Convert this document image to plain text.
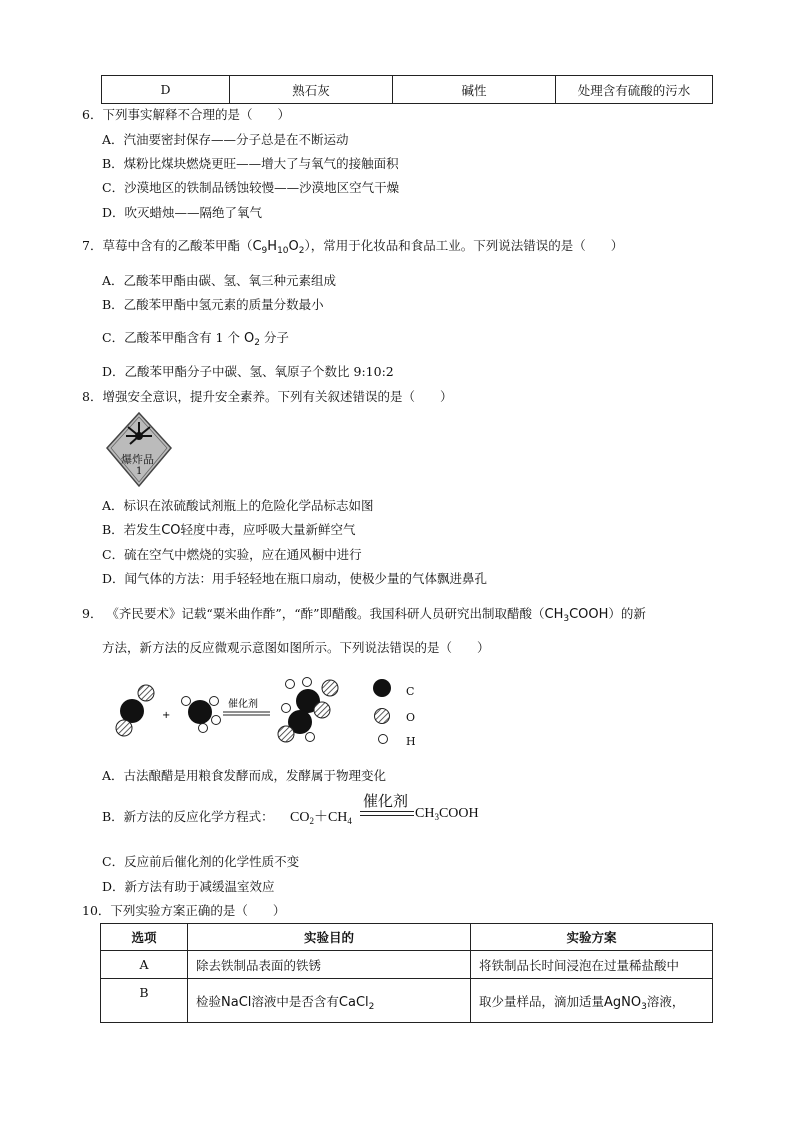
D	熟石灰	碱性	处理含有硫酸的污水
6．下列事实解释不合理的是（　　）
A．汽油要密封保存——分子总是在不断运动
B．煤粉比煤块燃烧更旺——增大了与氧气的接触面积
C．沙漠地区的铁制品锈蚀较慢——沙漠地区空气干燥
D．吹灭蜡烛——隔绝了氧气
7．草莓中含有的乙酸苯甲酯$(C_9H_{10}O_2)$，常用于化妆品和食品工业。下列说法错误的是（　　）
A．乙酸苯甲酯由碳、氢、氧三种元素组成
B．乙酸苯甲酯中氢元素的质量分数最小
C．乙酸苯甲酯含有 1 个 $O_2$ 分子
D．乙酸苯甲酯分子中碳、氢、氧原子个数比 9:10:2
8．增强安全意识，提升安全素养。下列有关叙述错误的是（　　）
爆炸品
1
A．标识在浓硫酸试剂瓶上的危险化学品标志如图
B．若发生CO轻度中毒，应呼吸大量新鲜空气
C．硫在空气中燃烧的实验，应在通风橱中进行
D．闻气体的方法：用手轻轻地在瓶口扇动，使极少量的气体飘进鼻孔
9． 《齐民要术》记载“粟米曲作酢”，“酢”即醋酸。我国科研人员研究出制取醋酸$(CH_3COOH)$的新
方法，新方法的反应微观示意图如图所示。下列说法错误的是（　　）
+
催化剂
C
O
H
A．古法酿醋是用粮食发酵而成，发酵属于物理变化
B．新方法的反应化学方程式： $CO_2+CH_4$
催化剂
$CH_3COOH$
C．反应前后催化剂的化学性质不变
D．新方法有助于减缓温室效应
10．下列实验方案正确的是（　　）
选项	实验目的	实验方案
A	除去铁制品表面的铁锈	将铁制品长时间浸泡在过量稀盐酸中
B	检验NaCl溶液中是否含有CaCl$_2$	取少量样品，滴加适量AgNO$_3$溶液，
